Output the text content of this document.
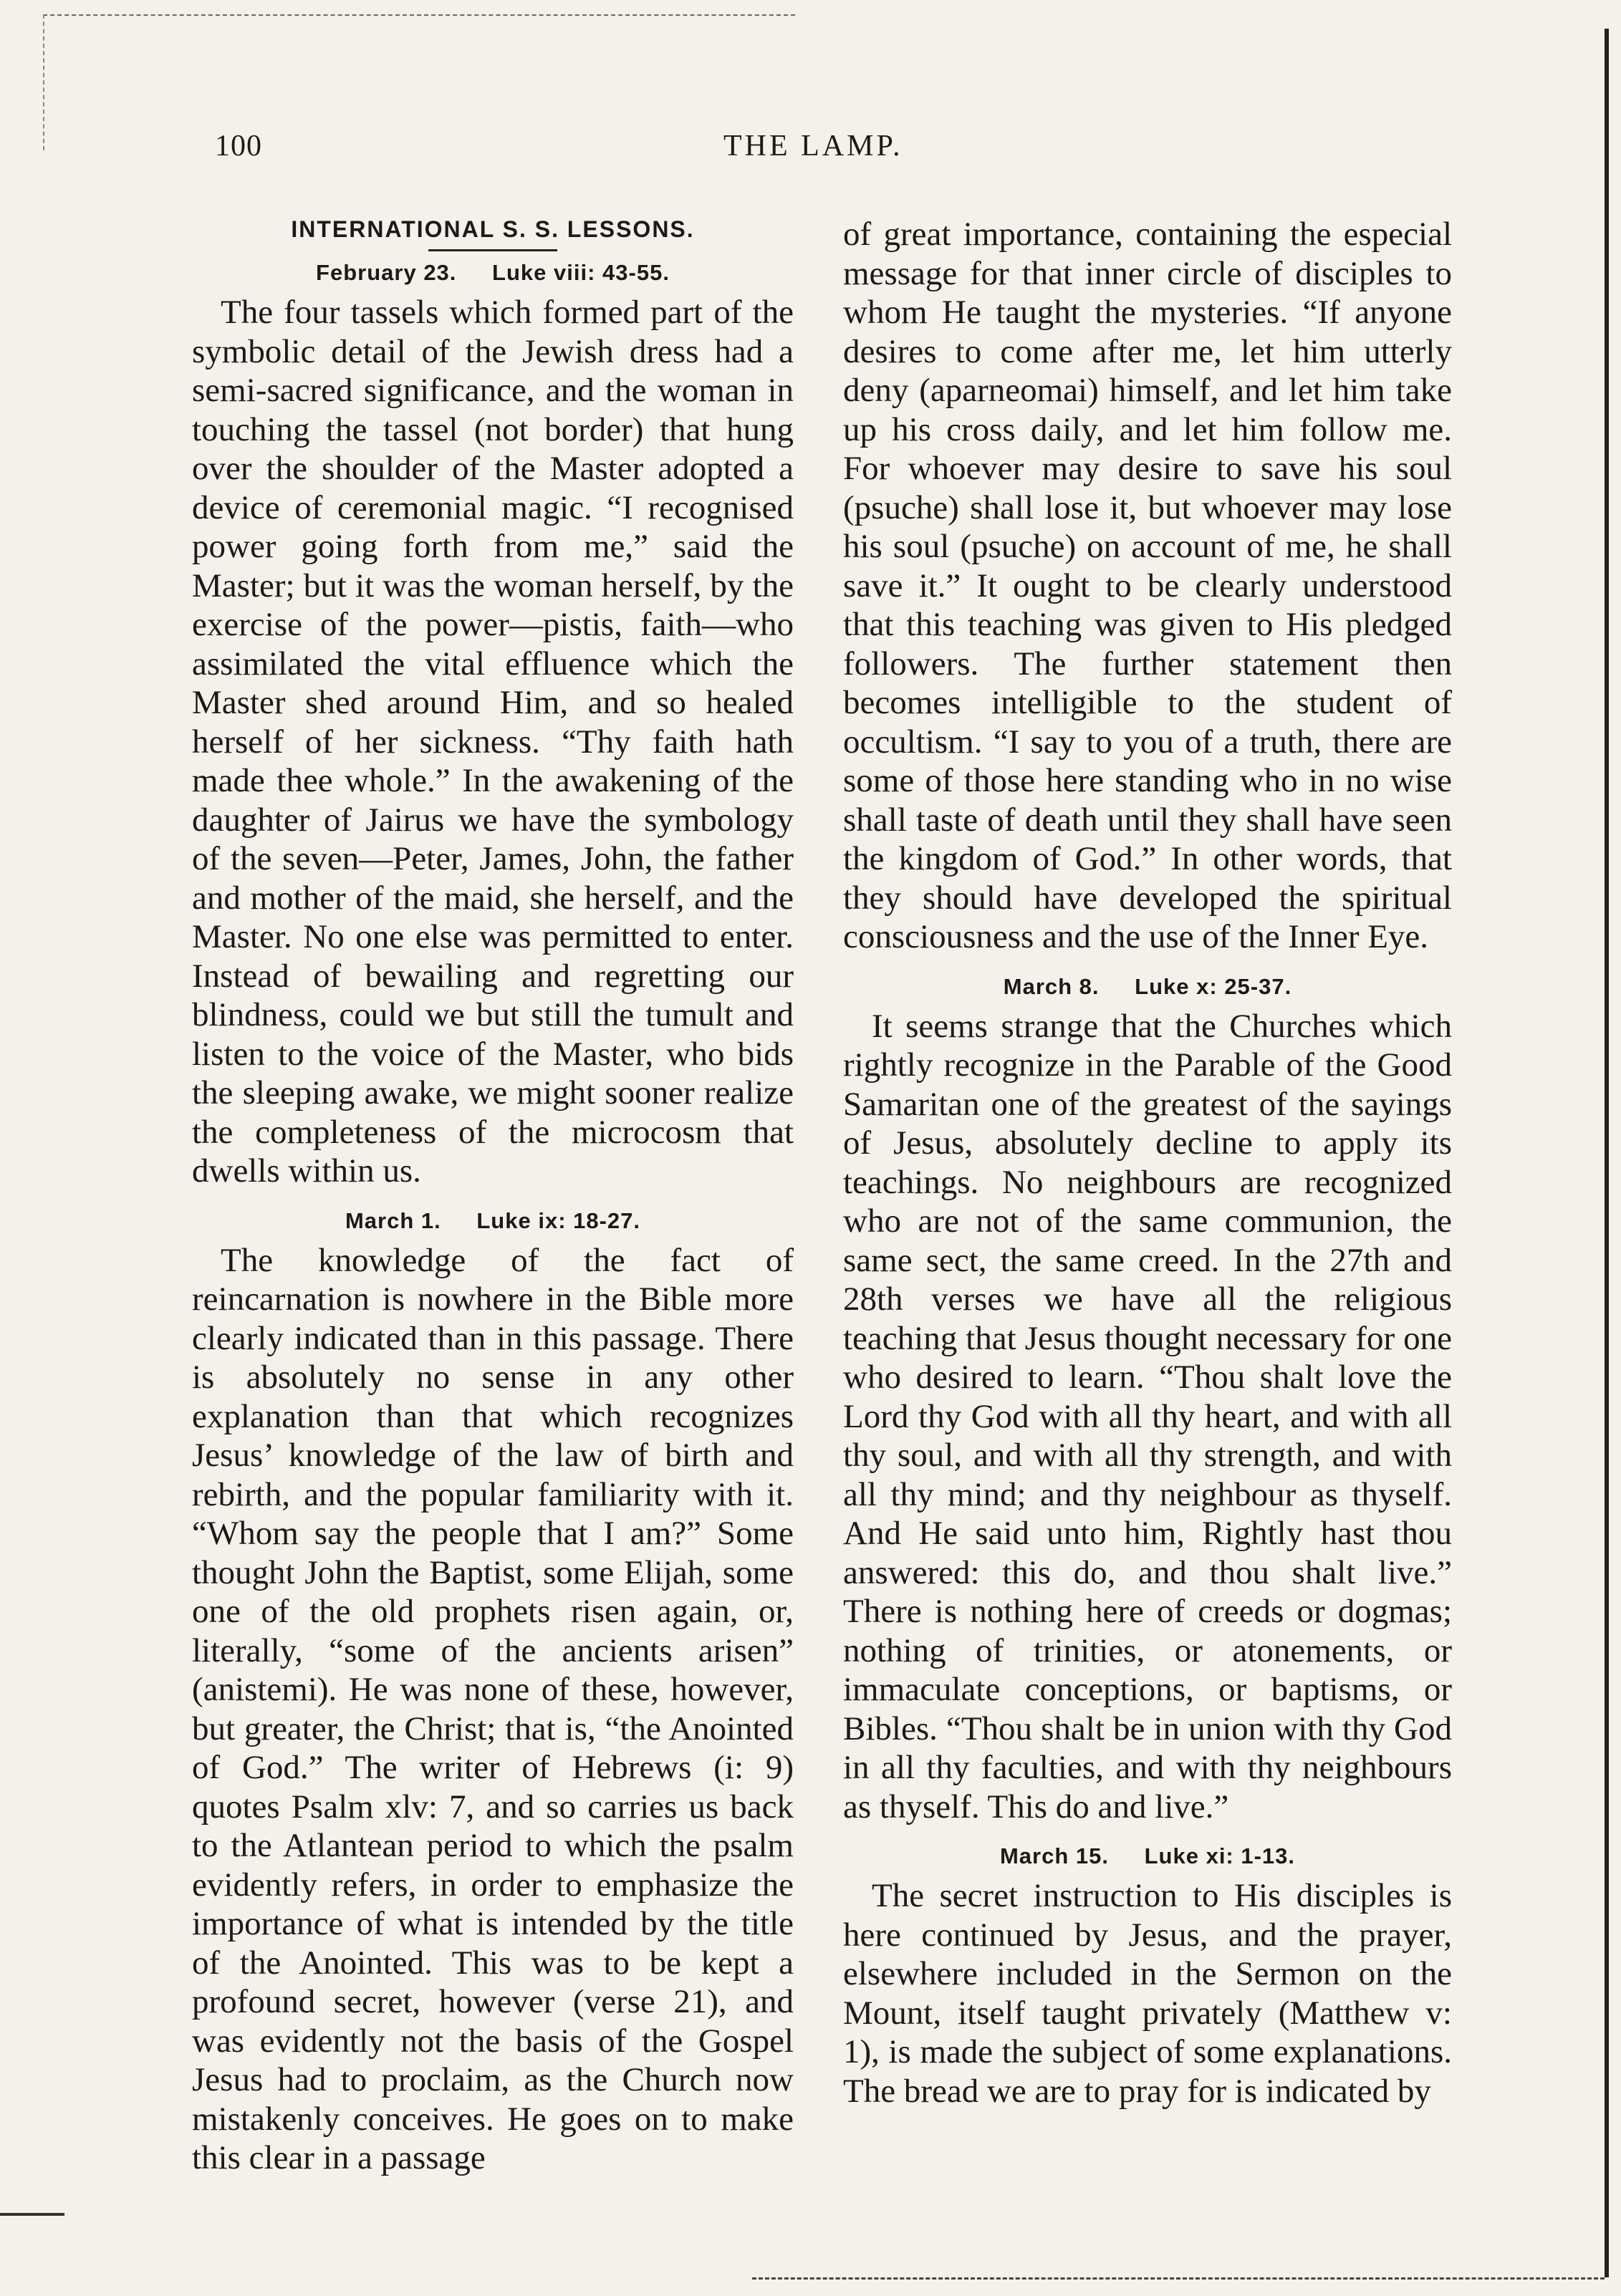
100	THE LAMP.
INTERNATIONAL S. S. LESSONS.
February 23. Luke viii: 43-55.

The four tassels which formed part of the symbolic detail of the Jewish dress had a semi-sacred significance, and the woman in touching the tassel (not border) that hung over the shoulder of the Master adopted a device of ceremonial magic. “I recognised power going forth from me,” said the Master; but it was the woman herself, by the exercise of the power—pistis, faith—who assimilated the vital effluence which the Master shed around Him, and so healed herself of her sickness. “Thy faith hath made thee whole.” In the awakening of the daughter of Jairus we have the symbology of the seven—Peter, James, John, the father and mother of the maid, she herself, and the Master. No one else was permitted to enter. Instead of bewailing and regretting our blindness, could we but still the tumult and listen to the voice of the Master, who bids the sleeping awake, we might sooner realize the completeness of the microcosm that dwells within us.

March 1. Luke ix: 18-27.

The knowledge of the fact of reincarnation is nowhere in the Bible more clearly indicated than in this passage. There is absolutely no sense in any other explanation than that which recognizes Jesus’ knowledge of the law of birth and rebirth, and the popular familiarity with it. “Whom say the people that I am?” Some thought John the Baptist, some Elijah, some one of the old prophets risen again, or, literally, “some of the ancients arisen” (anistemi). He was none of these, however, but greater, the Christ; that is, “the Anointed of God.” The writer of Hebrews (i: 9) quotes Psalm xlv: 7, and so carries us back to the Atlantean period to which the psalm evidently refers, in order to emphasize the importance of what is intended by the title of the Anointed. This was to be kept a profound secret, however (verse 21), and was evidently not the basis of the Gospel Jesus had to proclaim, as the Church now mistakenly conceives. He goes on to make this clear in a passage

of great importance, containing the especial message for that inner circle of disciples to whom He taught the mysteries. “If anyone desires to come after me, let him utterly deny (aparneomai) himself, and let him take up his cross daily, and let him follow me. For whoever may desire to save his soul (psuche) shall lose it, but whoever may lose his soul (psuche) on account of me, he shall save it.” It ought to be clearly understood that this teaching was given to His pledged followers. The further statement then becomes intelligible to the student of occultism. “I say to you of a truth, there are some of those here standing who in no wise shall taste of death until they shall have seen the kingdom of God.” In other words, that they should have developed the spiritual consciousness and the use of the Inner Eye.

March 8. Luke x: 25-37.

It seems strange that the Churches which rightly recognize in the Parable of the Good Samaritan one of the greatest of the sayings of Jesus, absolutely decline to apply its teachings. No neighbours are recognized who are not of the same communion, the same sect, the same creed. In the 27th and 28th verses we have all the religious teaching that Jesus thought necessary for one who desired to learn. “Thou shalt love the Lord thy God with all thy heart, and with all thy soul, and with all thy strength, and with all thy mind; and thy neighbour as thyself. And He said unto him, Rightly hast thou answered: this do, and thou shalt live.” There is nothing here of creeds or dogmas; nothing of trinities, or atonements, or immaculate conceptions, or baptisms, or Bibles. “Thou shalt be in union with thy God in all thy faculties, and with thy neighbours as thyself. This do and live.”

March 15. Luke xi: 1-13.

The secret instruction to His disciples is here continued by Jesus, and the prayer, elsewhere included in the Sermon on the Mount, itself taught privately (Matthew v: 1), is made the subject of some explanations. The bread we are to pray for is indicated by
